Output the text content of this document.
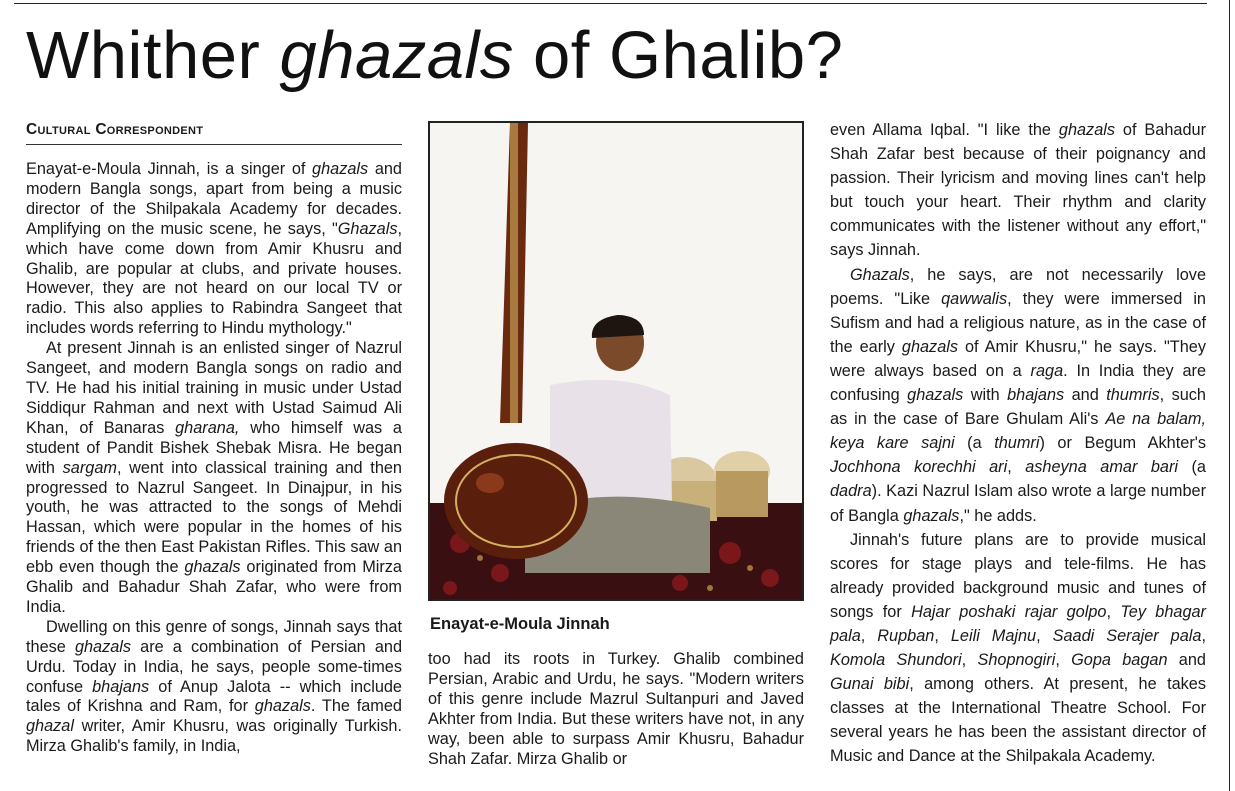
Whither ghazals of Ghalib?
Cultural Correspondent

Enayat-e-Moula Jinnah, is a singer of ghazals and modern Bangla songs, apart from being a music director of the Shilpakala Academy for decades. Amplifying on the music scene, he says, "Ghazals, which have come down from Amir Khusru and Ghalib, are popular at clubs, and private houses. However, they are not heard on our local TV or radio. This also applies to Rabindra Sangeet that includes words referring to Hindu mythology."

At present Jinnah is an enlisted singer of Nazrul Sangeet, and modern Bangla songs on radio and TV. He had his initial training in music under Ustad Siddiqur Rahman and next with Ustad Saimud Ali Khan, of Banaras gharana, who himself was a student of Pandit Bishek Shebak Misra. He began with sargam, went into classical training and then progressed to Nazrul Sangeet. In Dinajpur, in his youth, he was attracted to the songs of Mehdi Hassan, which were popular in the homes of his friends of the then East Pakistan Rifles. This saw an ebb even though the ghazals originated from Mirza Ghalib and Bahadur Shah Zafar, who were from India.

Dwelling on this genre of songs, Jinnah says that these ghazals are a combination of Persian and Urdu. Today in India, he says, people some-times confuse bhajans of Anup Jalota -- which include tales of Krishna and Ram, for ghazals. The famed ghazal writer, Amir Khusru, was originally Turkish. Mirza Ghalib's family, in India,

Enayat-e-Moula Jinnah

too had its roots in Turkey. Ghalib combined Persian, Arabic and Urdu, he says. "Modern writers of this genre include Mazrul Sultanpuri and Javed Akhter from India. But these writers have not, in any way, been able to surpass Amir Khusru, Bahadur Shah Zafar. Mirza Ghalib or

even Allama Iqbal. "I like the ghazals of Bahadur Shah Zafar best because of their poignancy and passion. Their lyricism and moving lines can't help but touch your heart. Their rhythm and clarity communicates with the listener without any effort," says Jinnah.

Ghazals, he says, are not necessarily love poems. "Like qawwalis, they were immersed in Sufism and had a religious nature, as in the case of the early ghazals of Amir Khusru," he says. "They were always based on a raga. In India they are confusing ghazals with bhajans and thumris, such as in the case of Bare Ghulam Ali's Ae na balam, keya kare sajni (a thumri) or Begum Akhter's Jochhona korechhi ari, asheyna amar bari (a dadra). Kazi Nazrul Islam also wrote a large number of Bangla ghazals," he adds.

Jinnah's future plans are to provide musical scores for stage plays and tele-films. He has already provided background music and tunes of songs for Hajar poshaki rajar golpo, Tey bhagar pala, Rupban, Leili Majnu, Saadi Serajer pala, Komola Shundori, Shopnogiri, Gopa bagan and Gunai bibi, among others. At present, he takes classes at the International Theatre School. For several years he has been the assistant director of Music and Dance at the Shilpakala Academy.
